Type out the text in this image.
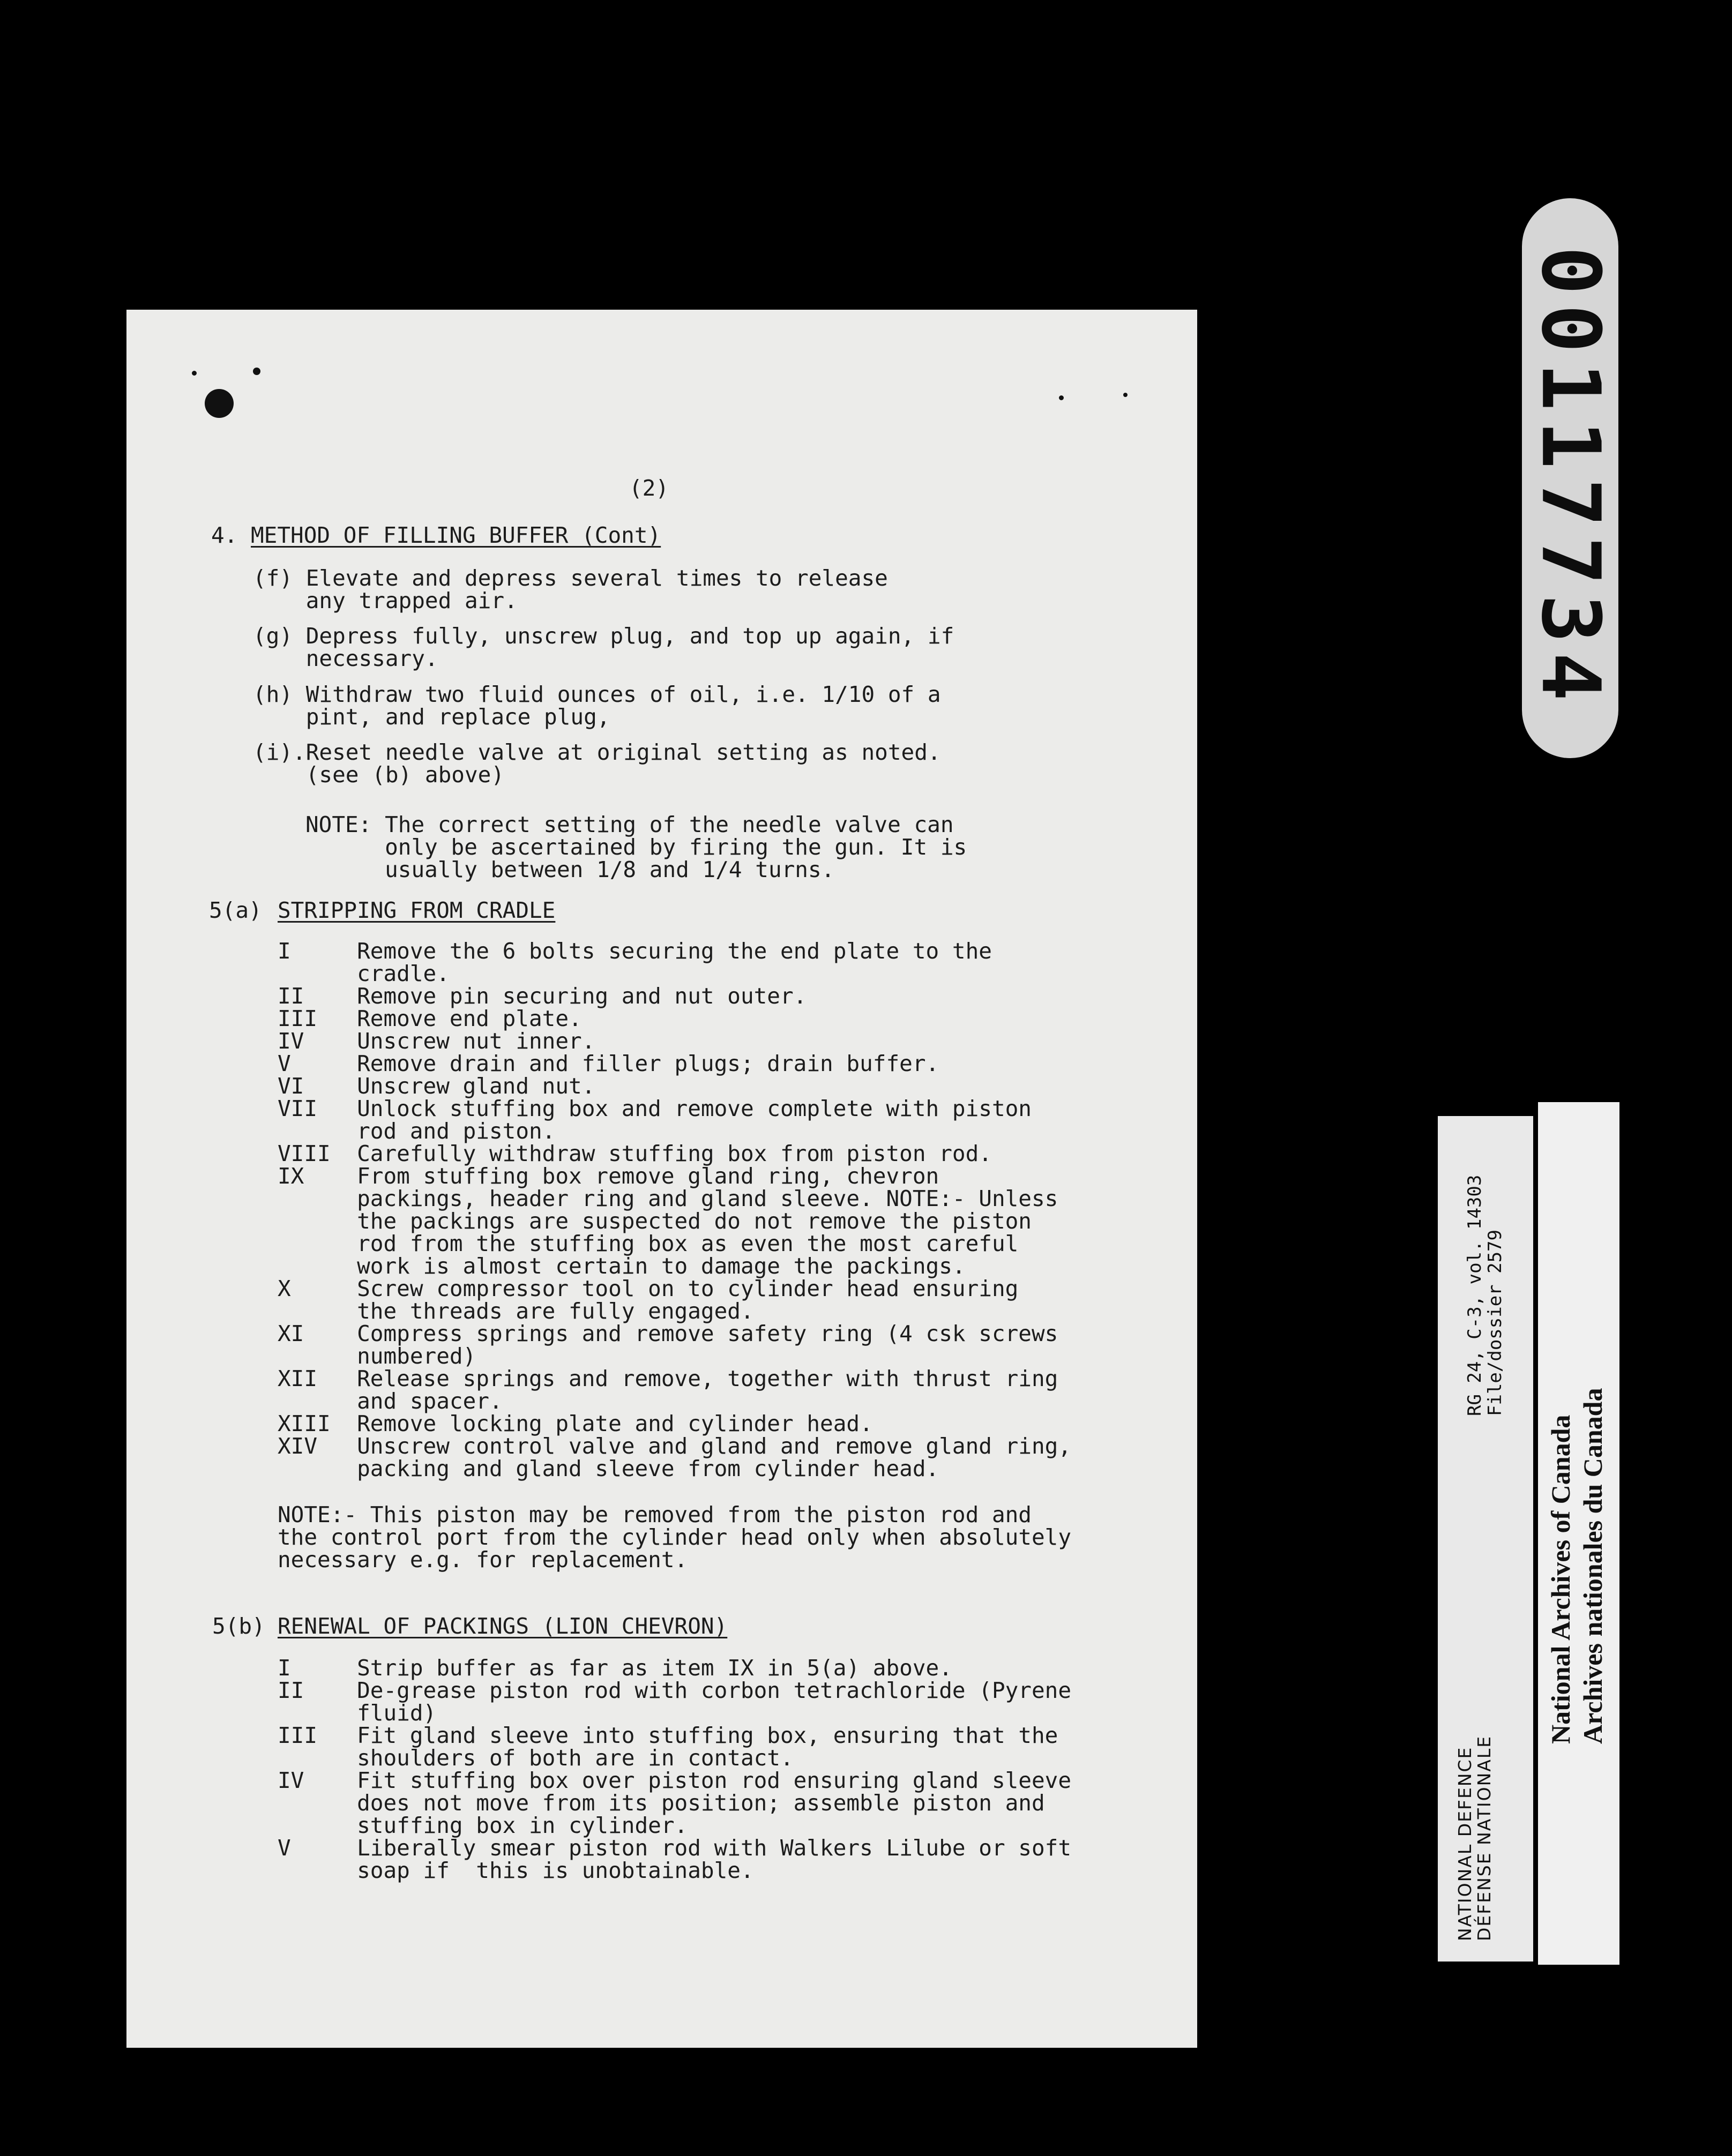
(2)
4. METHOD OF FILLING BUFFER (Cont)
(f) Elevate and depress several times to release
any trapped air.
(g) Depress fully, unscrew plug, and top up again, if
necessary.
(h) Withdraw two fluid ounces of oil, i.e. 1/10 of a
pint, and replace plug,
(i).Reset needle valve at original setting as noted.
(see (b) above)
NOTE: The correct setting of the needle valve can
only be ascertained by firing the gun. It is
usually between 1/8 and 1/4 turns.
5(a) STRIPPING FROM CRADLE
I     Remove the 6 bolts securing the end plate to the
cradle.
II    Remove pin securing and nut outer.
III   Remove end plate.
IV    Unscrew nut inner.
V     Remove drain and filler plugs; drain buffer.
VI    Unscrew gland nut.
VII   Unlock stuffing box and remove complete with piston
rod and piston.
VIII  Carefully withdraw stuffing box from piston rod.
IX    From stuffing box remove gland ring, chevron
packings, header ring and gland sleeve. NOTE:- Unless
the packings are suspected do not remove the piston
rod from the stuffing box as even the most careful
work is almost certain to damage the packings.
X     Screw compressor tool on to cylinder head ensuring
the threads are fully engaged.
XI    Compress springs and remove safety ring (4 csk screws
numbered)
XII   Release springs and remove, together with thrust ring
and spacer.
XIII  Remove locking plate and cylinder head.
XIV   Unscrew control valve and gland and remove gland ring,
packing and gland sleeve from cylinder head.
NOTE:- This piston may be removed from the piston rod and
the control port from the cylinder head only when absolutely
necessary e.g. for replacement.
5(b) RENEWAL OF PACKINGS (LION CHEVRON)
I     Strip buffer as far as item IX in 5(a) above.
II    De-grease piston rod with corbon tetrachloride (Pyrene
fluid)
III   Fit gland sleeve into stuffing box, ensuring that the
shoulders of both are in contact.
IV    Fit stuffing box over piston rod ensuring gland sleeve
does not move from its position; assemble piston and
stuffing box in cylinder.
V     Liberally smear piston rod with Walkers Lilube or soft
soap if  this is unobtainable.
00117734
NATIONAL DEFENCE
DÉFENSE NATIONALE
RG 24, C-3, vol. 14303
File/dossier 2579
National Archives of Canada Archives nationales du Canada
